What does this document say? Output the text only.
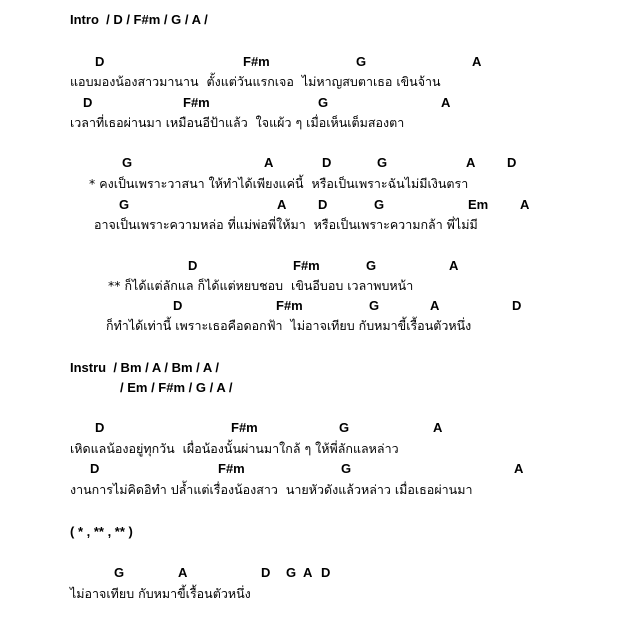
Intro  / D / F#m / G / A /
Instru  / Bm / A / Bm / A /
/ Em / F#m / G / A /
( * , ** , ** )
D	F#m	G	A
แอบมองน้องสาวมานาน  ตั้งแต่วันแรกเจอ  ไม่หาญสบตาเธอ เขินจ้าน
D	F#m	G	A
เวลาที่เธอผ่านมา เหมือนอีป้าแล้ว  ใจแผ้ว ๆ เมื่อเห็นเต็มสองตา
G	A	D	G	A D
* คงเป็นเพราะวาสนา ให้ทำได้เพียงแค่นี้  หรือเป็นเพราะฉันไม่มีเงินตรา
G	A D	G	Em A
อาจเป็นเพราะความหล่อ ที่แม่พ่อพี่ให้มา  หรือเป็นเพราะความกล้า พี่ไม่มี
D	F#m	G	A
** ก็ได้แต่ลักแล ก็ได้แต่หยบชอบ  เขินอีบอบ เวลาพบหน้า
D	F#m	G	A	D
ก็ทำได้เท่านี้ เพราะเธอคือดอกฟ้า  ไม่อาจเทียบ กับหมาขี้เรื้อนตัวหนึ่ง
D	F#m	G	A
เหิดแลน้องอยู่ทุกวัน  เผื่อน้องนั้นผ่านมาใกล้ ๆ ให้พี่ลักแลหล่าว
D	F#m	G	A
งานการไม่คิดอิทำ ปล้ำแต่เรื่องน้องสาว  นายหัวดังแล้วหล่าว เมื่อเธอผ่านมา
G	A	D G A D
ไม่อาจเทียบ กับหมาขี้เรื้อนตัวหนึ่ง
